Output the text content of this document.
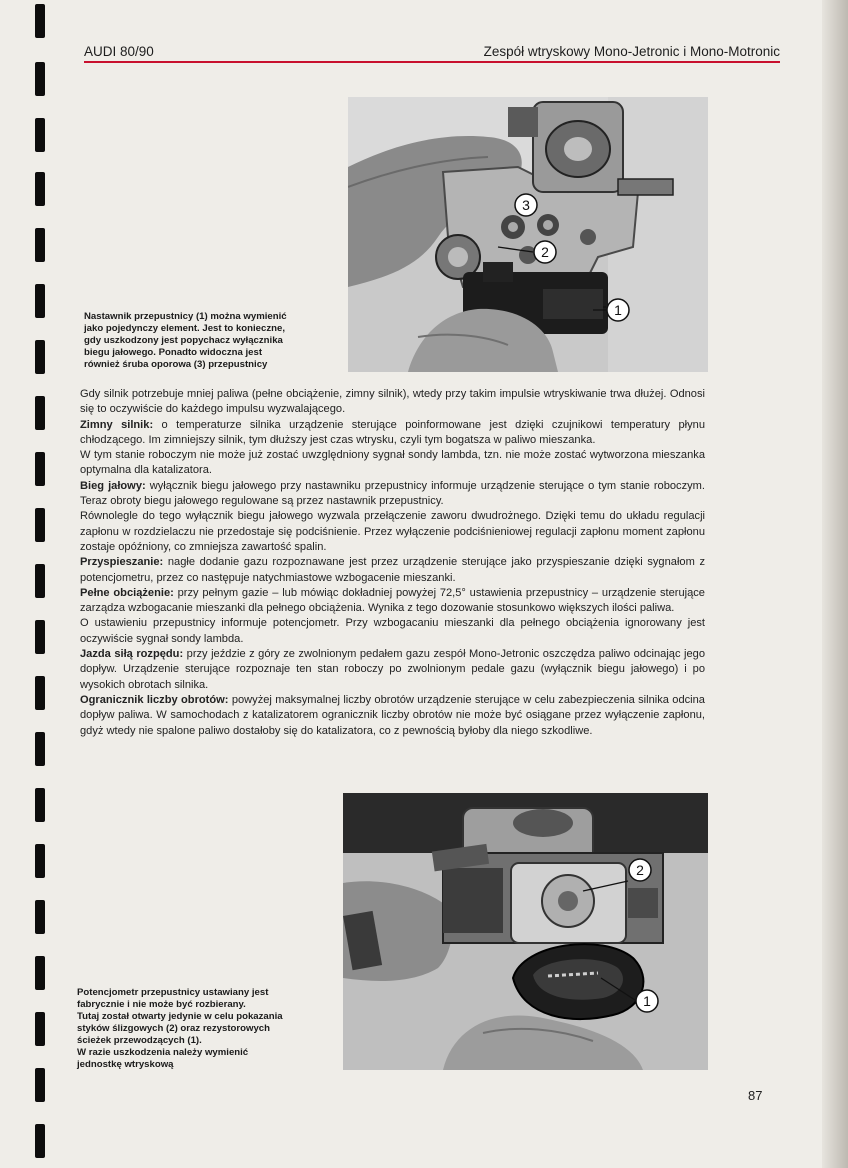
AUDI 80/90	Zespół wtryskowy Mono-Jetronic i Mono-Motronic
3
2
1
Nastawnik przepustnicy (1) można wymienić
jako pojedynczy element. Jest to konieczne,
gdy uszkodzony jest popychacz wyłącznika
biegu jałowego. Ponadto widoczna jest
również śruba oporowa (3) przepustnicy

Gdy silnik potrzebuje mniej paliwa (pełne obciążenie, zimny silnik), wtedy przy takim impulsie wtryskiwanie trwa dłużej. Odnosi się to oczywiście do każdego impulsu wyzwalającego.

Zimny silnik: o temperaturze silnika urządzenie sterujące poinformowane jest dzięki czujnikowi temperatury płynu chłodzącego. Im zimniejszy silnik, tym dłuższy jest czas wtrysku, czyli tym bogatsza w paliwo mieszanka.

W tym stanie roboczym nie może już zostać uwzględniony sygnał sondy lambda, tzn. nie może zostać wytworzona mieszanka optymalna dla katalizatora.

Bieg jałowy: wyłącznik biegu jałowego przy nastawniku przepustnicy informuje urządzenie sterujące o tym stanie roboczym. Teraz obroty biegu jałowego regulowane są przez nastawnik przepustnicy.

Równolegle do tego wyłącznik biegu jałowego wyzwala przełączenie zaworu dwudrożnego. Dzięki temu do układu regulacji zapłonu w rozdzielaczu nie przedostaje się podciśnienie. Przez wyłączenie podciśnieniowej regulacji zapłonu moment zapłonu zostaje opóźniony, co zmniejsza zawartość spalin.

Przyspieszanie: nagłe dodanie gazu rozpoznawane jest przez urządzenie sterujące jako przyspieszanie dzięki sygnałom z potencjometru, przez co następuje natychmiastowe wzbogacenie mieszanki.

Pełne obciążenie: przy pełnym gazie – lub mówiąc dokładniej powyżej 72,5° ustawienia przepustnicy – urządzenie sterujące zarządza wzbogacanie mieszanki dla pełnego obciążenia. Wynika z tego dozowanie stosunkowo większych ilości paliwa.

O ustawieniu przepustnicy informuje potencjometr. Przy wzbogacaniu mieszanki dla pełnego obciążenia ignorowany jest oczywiście sygnał sondy lambda.

Jazda siłą rozpędu: przy jeździe z góry ze zwolnionym pedałem gazu zespół Mono-Jetronic oszczędza paliwo odcinając jego dopływ. Urządzenie sterujące rozpoznaje ten stan roboczy po zwolnionym pedale gazu (wyłącznik biegu jałowego) i po wysokich obrotach silnika.

Ogranicznik liczby obrotów: powyżej maksymalnej liczby obrotów urządzenie sterujące w celu zabezpieczenia silnika odcina dopływ paliwa. W samochodach z katalizatorem ogranicznik liczby obrotów nie może być osiągane przez wyłączenie zapłonu, gdyż wtedy nie spalone paliwo dostałoby się do katalizatora, co z pewnością byłoby dla niego szkodliwe.

2
1
Potencjometr przepustnicy ustawiany jest
fabrycznie i nie może być rozbierany.
Tutaj został otwarty jedynie w celu pokazania
styków ślizgowych (2) oraz rezystorowych
ścieżek przewodzących (1).
W razie uszkodzenia należy wymienić
jednostkę wtryskową
87
